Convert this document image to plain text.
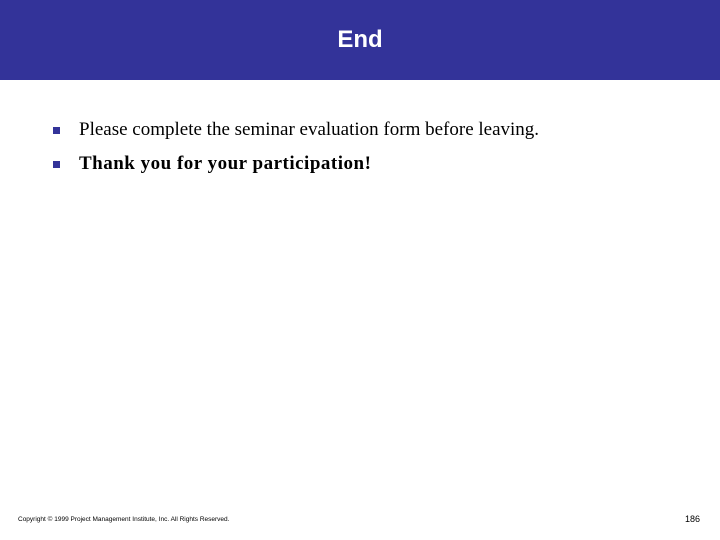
End
Please complete the seminar evaluation form before leaving.
Thank you for your participation!
Copyright © 1999 Project Management Institute, Inc. All Rights Reserved.	186
